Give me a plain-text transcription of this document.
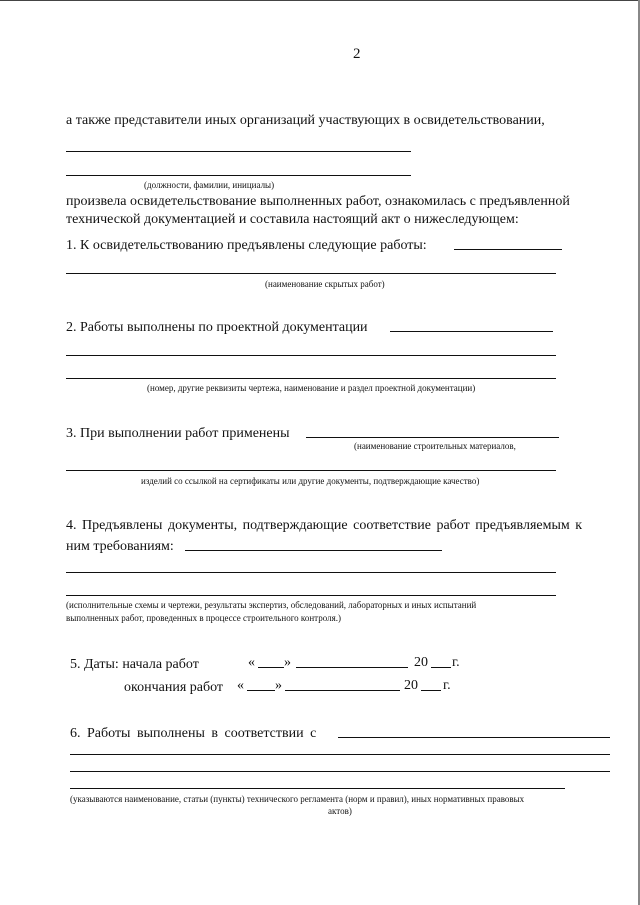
2
а также представители иных организаций участвующих в освидетельствовании,
(должности, фамилии, инициалы)
произвела освидетельствование выполненных работ, ознакомилась с предъявленной
технической документацией и составила настоящий акт о нижеследующем:
1. К освидетельствованию предъявлены следующие работы:
(наименование скрытых работ)
2. Работы выполнены по проектной документации
(номер, другие реквизиты чертежа, наименование и раздел проектной документации)
3. При выполнении работ применены
(наименование строительных материалов,
изделий со ссылкой на сертификаты или другие документы, подтверждающие качество)
4. Предъявлены документы, подтверждающие соответствие работ предъявляемым к
ним требованиям:
(исполнительные схемы и чертежи, результаты экспертиз, обследований, лабораторных и иных испытаний
выполненных работ, проведенных в процессе строительного контроля.)
5. Даты: начала работ	« »	20 г.
окончания работ « »	20 г.
6. Работы выполнены в соответствии с
(указываются наименование, статьи (пункты) технического регламента (норм и правил), иных нормативных правовых
актов)
